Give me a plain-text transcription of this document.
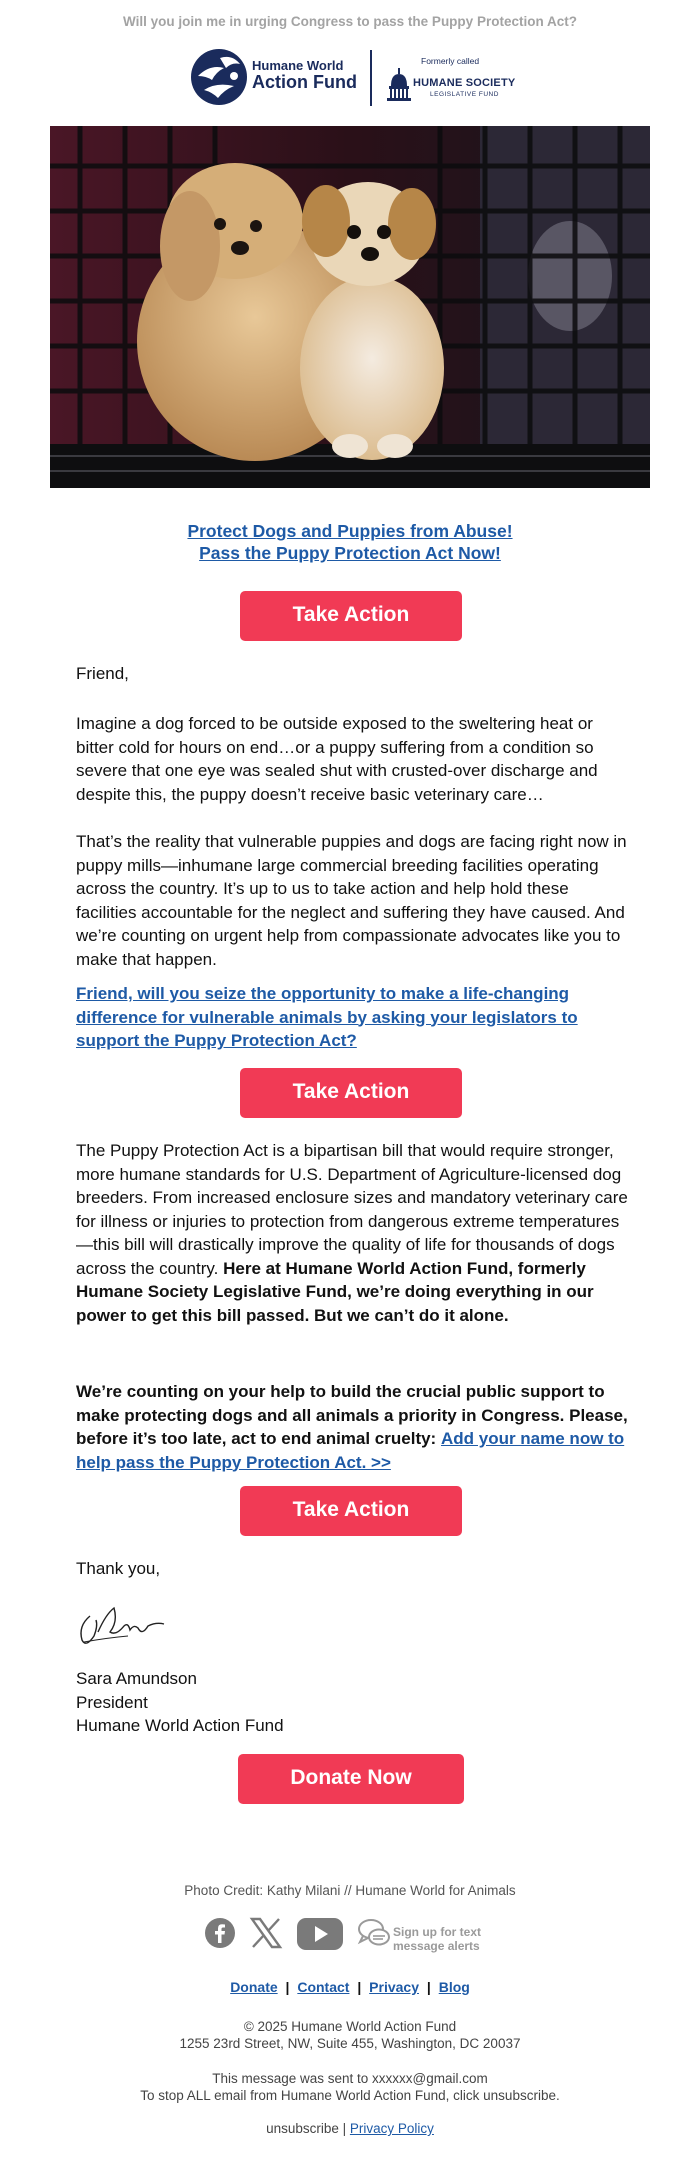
Will you join me in urging Congress to pass the Puppy Protection Act?
Humane World
Action Fund
Formerly called
HUMANE SOCIETY
LEGISLATIVE FUND
Protect Dogs and Puppies from Abuse!
Pass the Puppy Protection Act Now!
Take Action
Friend,
Imagine a dog forced to be outside exposed to the sweltering heat or bitter cold for hours on end…or a puppy suffering from a condition so severe that one eye was sealed shut with crusted-over discharge and despite this, the puppy doesn’t receive basic veterinary care…
That’s the reality that vulnerable puppies and dogs are facing right now in puppy mills—inhumane large commercial breeding facilities operating across the country. It’s up to us to take action and help hold these facilities accountable for the neglect and suffering they have caused. And we’re counting on urgent help from compassionate advocates like you to make that happen.
Friend, will you seize the opportunity to make a life-changing difference for vulnerable animals by asking your legislators to support the Puppy Protection Act?
Take Action
The Puppy Protection Act is a bipartisan bill that would require stronger, more humane standards for U.S. Department of Agriculture-licensed dog breeders. From increased enclosure sizes and mandatory veterinary care for illness or injuries to protection from dangerous extreme temperatures—this bill will drastically improve the quality of life for thousands of dogs across the country. Here at Humane World Action Fund, formerly Humane Society Legislative Fund, we’re doing everything in our power to get this bill passed. But we can’t do it alone.
We’re counting on your help to build the crucial public support to make protecting dogs and all animals a priority in Congress. Please, before it’s too late, act to end animal cruelty: Add your name now to help pass the Puppy Protection Act. >>
Take Action
Thank you,
Sara Amundson
President
Humane World Action Fund
Donate Now
Photo Credit: Kathy Milani // Humane World for Animals
Sign up for text
message alerts
Donate | Contact | Privacy | Blog
© 2025 Humane World Action Fund
1255 23rd Street, NW, Suite 455, Washington, DC 20037
This message was sent to xxxxxx@gmail.com
To stop ALL email from Humane World Action Fund, click unsubscribe.
unsubscribe | Privacy Policy
